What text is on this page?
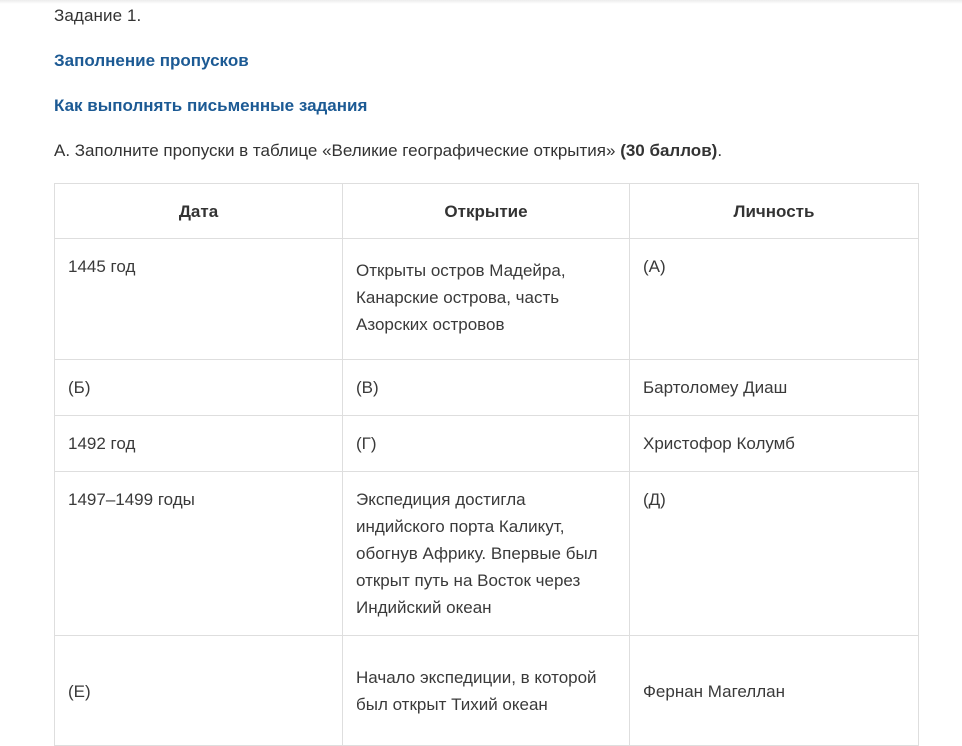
Задание 1.
Заполнение пропусков
Как выполнять письменные задания
А. Заполните пропуски в таблице «Великие географические открытия» (30 баллов).
Дата	Открытие	Личность
1445 год	Открыты остров Мадейра, Канарские острова, часть Азорских островов	(А)
(Б)	(В)	Бартоломеу Диаш
1492 год	(Г)	Христофор Колумб
1497–1499 годы	Экспедиция достигла индийского порта Каликут, обогнув Африку. Впервые был открыт путь на Восток через Индийский океан	(Д)
(Е)	Начало экспедиции, в которой был открыт Тихий океан	Фернан Магеллан
